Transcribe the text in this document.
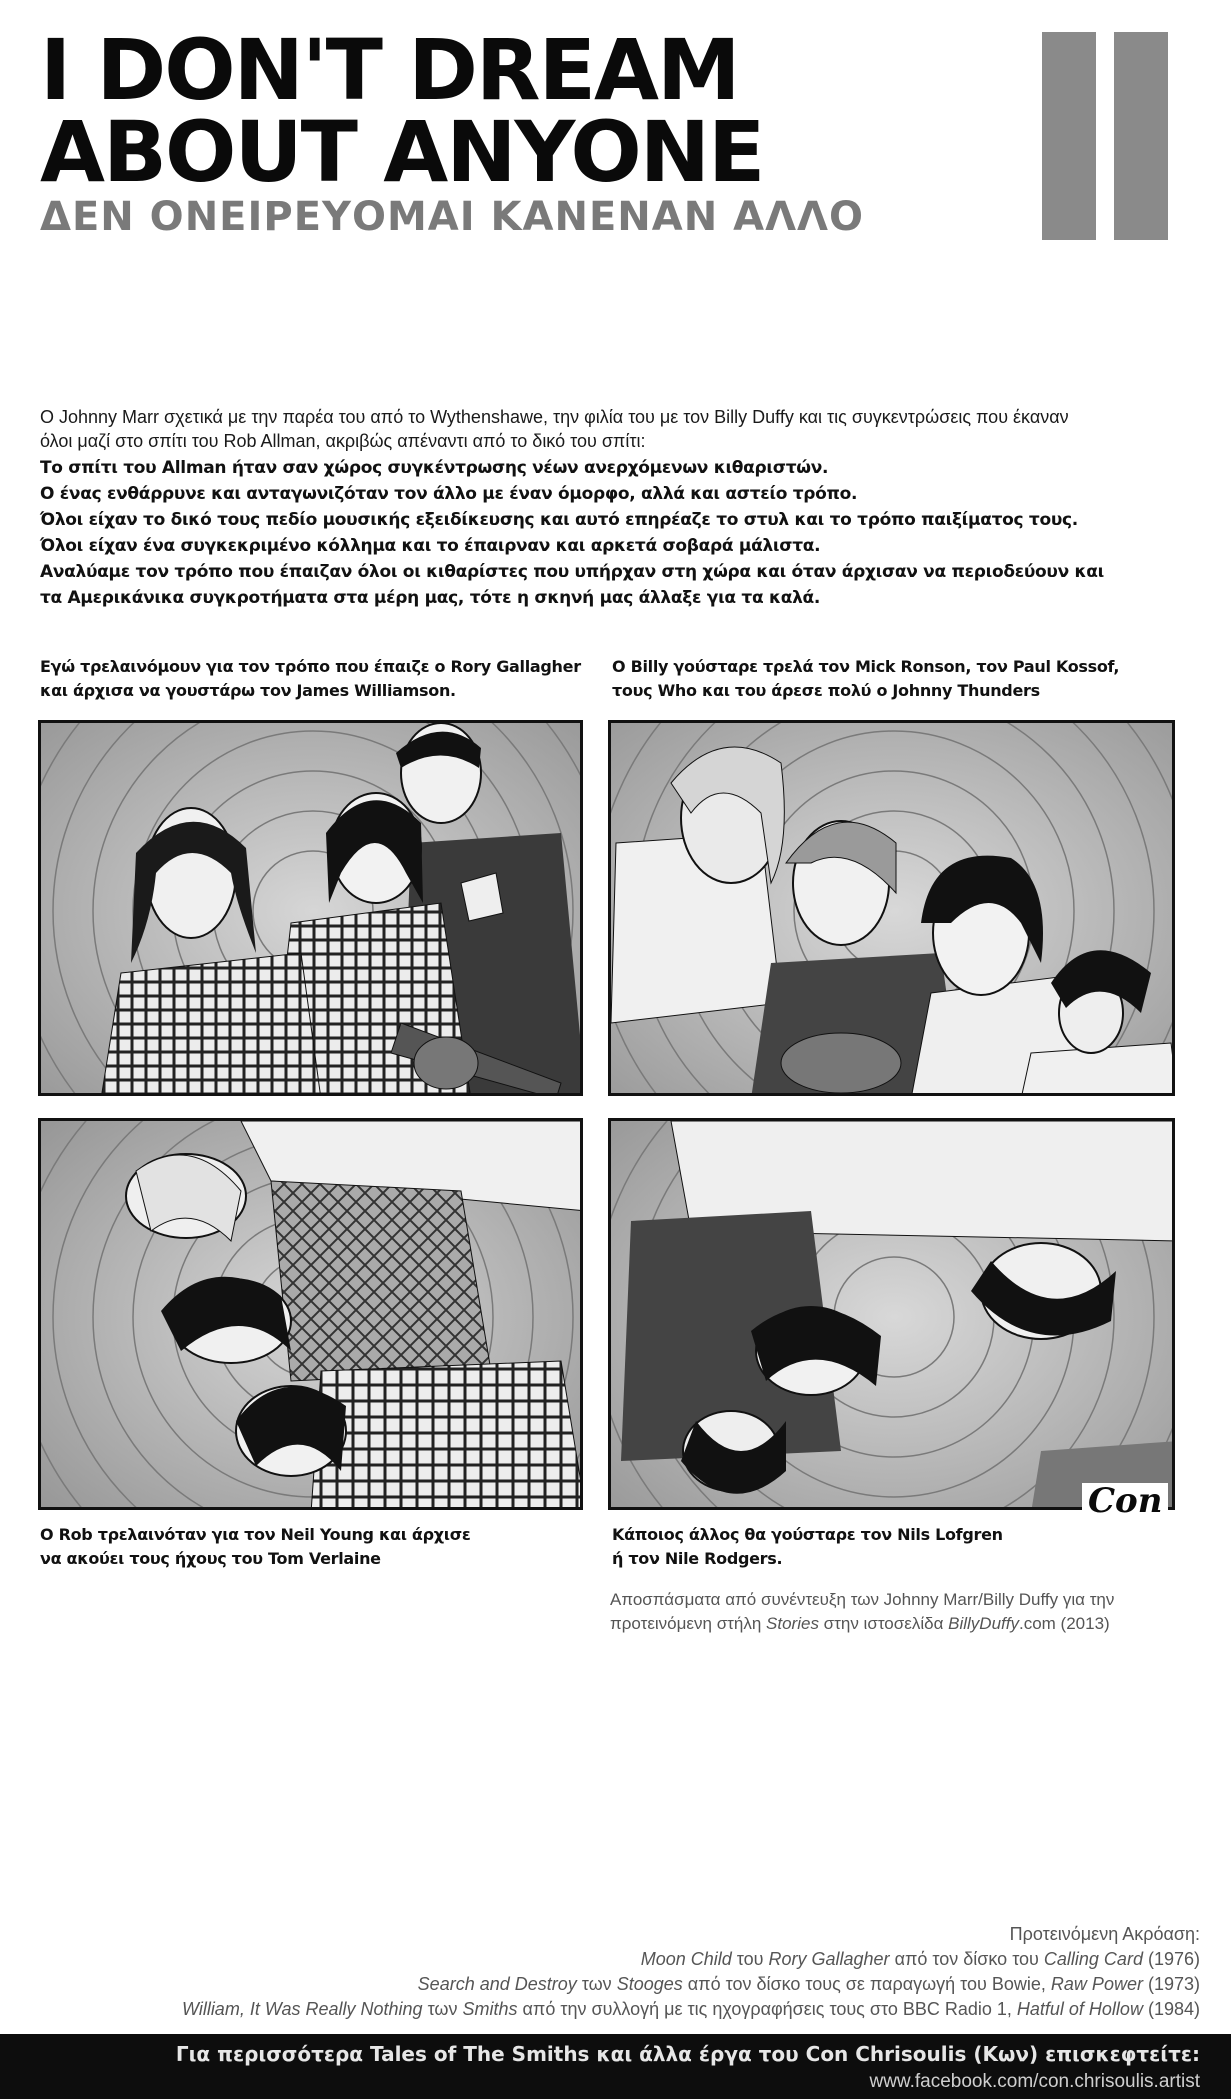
I DON'T DREAM
ABOUT ANYONE
ΔΕΝ ΟΝΕΙΡΕΥΟΜΑΙ ΚΑΝΕΝΑΝ ΑΛΛΟ

Ο Johnny Marr σχετικά με την παρέα του από το Wythenshawe, την φιλία του με τον Billy Duffy και τις συγκεντρώσεις που έκαναν
όλοι μαζί στο σπίτι του Rob Allman, ακριβώς απέναντι από το δικό του σπίτι:

Το σπίτι του Allman ήταν σαν χώρος συγκέντρωσης νέων ανερχόμενων κιθαριστών.

Ο ένας ενθάρρυνε και ανταγωνιζόταν τον άλλο με έναν όμορφο, αλλά και αστείο τρόπο.

Όλοι είχαν το δικό τους πεδίο μουσικής εξειδίκευσης και αυτό επηρέαζε το στυλ και το τρόπο παιξίματος τους.

Όλοι είχαν ένα συγκεκριμένο κόλλημα και το έπαιρναν και αρκετά σοβαρά μάλιστα.

Αναλύαμε τον τρόπο που έπαιζαν όλοι οι κιθαρίστες που υπήρχαν στη χώρα και όταν άρχισαν να περιοδεύουν και

τα Αμερικάνικα συγκροτήματα στα μέρη μας, τότε η σκηνή μας άλλαξε για τα καλά.

Εγώ τρελαινόμουν για τον τρόπο που έπαιζε ο Rory Gallagher
και άρχισα να γουστάρω τον James Williamson.
Ο Billy γούσταρε τρελά τον Mick Ronson, τον Paul Kossof,
τους Who και του άρεσε πολύ ο Johnny Thunders
Con
Ο Rob τρελαινόταν για τον Neil Young και άρχισε
να ακούει τους ήχους του Tom Verlaine
Κάποιος άλλος θα γούσταρε τον Nils Lofgren
ή τον Nile Rodgers.
Αποσπάσματα από συνέντευξη των Johnny Marr/Billy Duffy για την
προτεινόμενη στήλη Stories στην ιστοσελίδα BillyDuffy.com (2013)

Προτεινόμενη Ακρόαση:

Moon Child του Rory Gallagher από τον δίσκο του Calling Card (1976)

Search and Destroy των Stooges από τον δίσκο τους σε παραγωγή του Bowie, Raw Power (1973)

William, It Was Really Nothing των Smiths από την συλλογή με τις ηχογραφήσεις τους στο BBC Radio 1, Hatful of Hollow (1984)

Για περισσότερα Tales of The Smiths και άλλα έργα του Con Chrisoulis (Κων) επισκεφτείτε:
www.facebook.com/con.chrisoulis.artist
